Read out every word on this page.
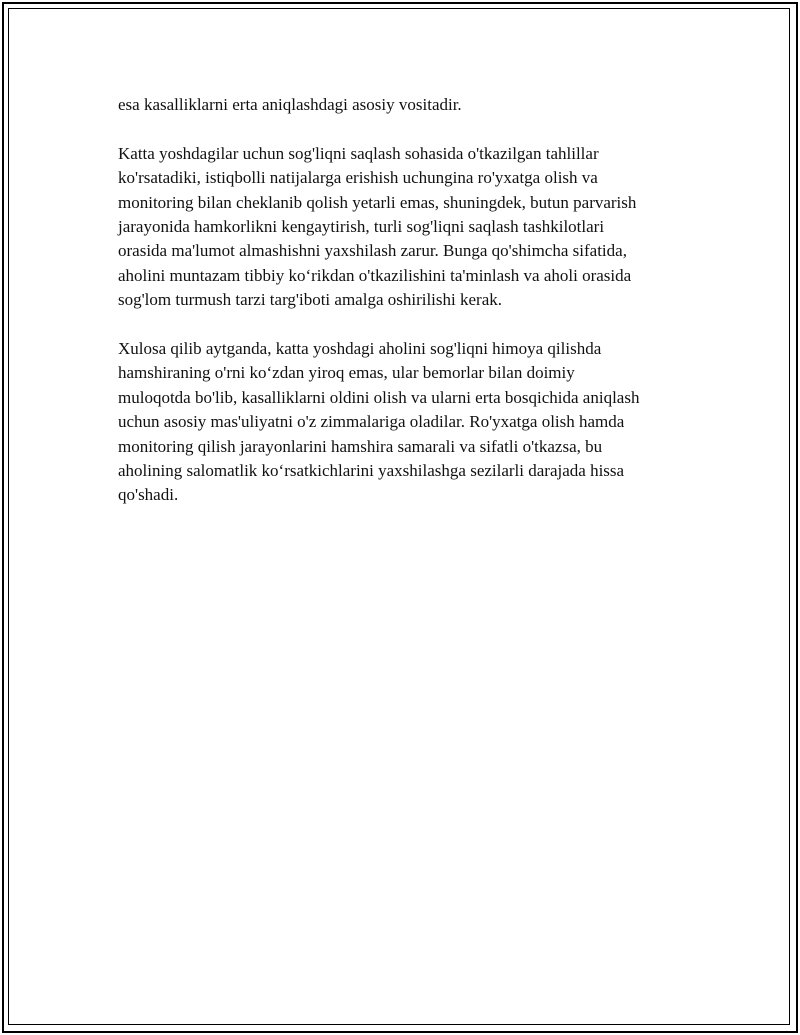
esa kasalliklarni erta aniqlashdagi asosiy vositadir.

Katta yoshdagilar uchun sog'liqni saqlash sohasida o'tkazilgan tahlillar
ko'rsatadiki, istiqbolli natijalarga erishish uchungina ro'yxatga olish va
monitoring bilan cheklanib qolish yetarli emas, shuningdek, butun parvarish
jarayonida hamkorlikni kengaytirish, turli sog'liqni saqlash tashkilotlari
orasida ma'lumot almashishni yaxshilash zarur. Bunga qo'shimcha sifatida,
aholini muntazam tibbiy koʻrikdan o'tkazilishini ta'minlash va aholi orasida
sog'lom turmush tarzi targ'iboti amalga oshirilishi kerak.

Xulosa qilib aytganda, katta yoshdagi aholini sog'liqni himoya qilishda
hamshiraning o'rni koʻzdan yiroq emas, ular bemorlar bilan doimiy
muloqotda bo'lib, kasalliklarni oldini olish va ularni erta bosqichida aniqlash
uchun asosiy mas'uliyatni o'z zimmalariga oladilar. Ro'yxatga olish hamda
monitoring qilish jarayonlarini hamshira samarali va sifatli o'tkazsa, bu
aholining salomatlik koʻrsatkichlarini yaxshilashga sezilarli darajada hissa
qo'shadi.
